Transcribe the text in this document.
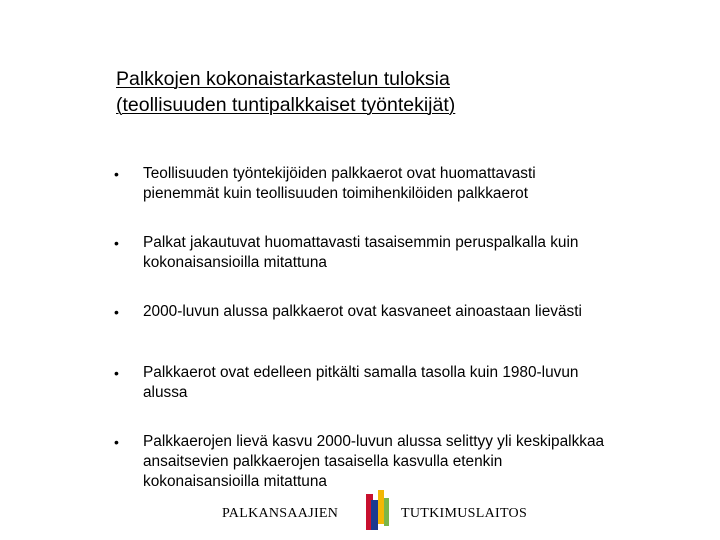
Palkkojen kokonaistarkastelun tuloksia
(teollisuuden tuntipalkkaiset työntekijät)
• Teollisuuden työntekijöiden palkkaerot ovat huomattavasti
pienemmät kuin teollisuuden toimihenkilöiden palkkaerot
• Palkat jakautuvat huomattavasti tasaisemmin peruspalkalla kuin
kokonaisansioilla mitattuna
• 2000-luvun alussa palkkaerot ovat kasvaneet ainoastaan lievästi
• Palkkaerot ovat edelleen pitkälti samalla tasolla kuin 1980-luvun
alussa
• Palkkaerojen lievä kasvu 2000-luvun alussa selittyy yli keskipalkkaa
ansaitsevien palkkaerojen tasaisella kasvulla etenkin
kokonaisansioilla mitattuna
PALKANSAAJIEN	TUTKIMUSLAITOS
